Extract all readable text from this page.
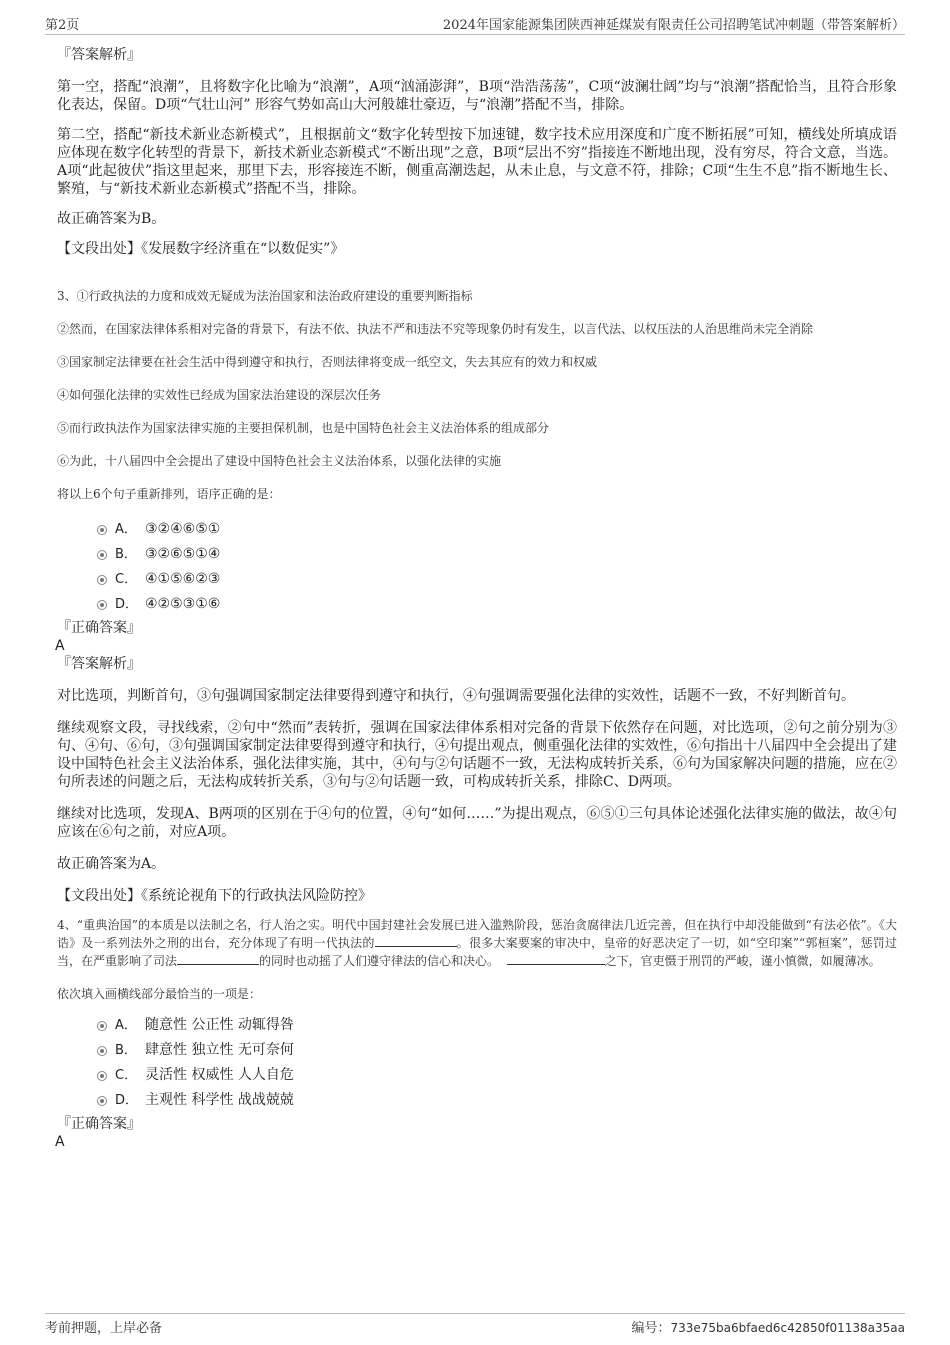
第2页	2024年国家能源集团陕西神延煤炭有限责任公司招聘笔试冲刺题（带答案解析）

『答案解析』

第一空，搭配“浪潮”，且将数字化比喻为“浪潮”，A项“汹涌澎湃”，B项“浩浩荡荡”，C项“波澜壮阔”均与“浪潮”搭配恰当，且符合形象化表达，保留。D项“气壮山河” 形容气势如高山大河般雄壮豪迈，与“浪潮”搭配不当，排除。

第二空，搭配“新技术新业态新模式”，且根据前文“数字化转型按下加速键，数字技术应用深度和广度不断拓展”可知，横线处所填成语应体现在数字化转型的背景下，新技术新业态新模式“不断出现”之意，B项“层出不穷”指接连不断地出现，没有穷尽，符合文意，当选。A项“此起彼伏”指这里起来，那里下去，形容接连不断，侧重高潮迭起，从未止息，与文意不符，排除；C项“生生不息”指不断地生长、繁殖，与“新技术新业态新模式”搭配不当，排除。

故正确答案为B。

【文段出处】《发展数字经济重在“以数促实”》

3、①行政执法的力度和成效无疑成为法治国家和法治政府建设的重要判断指标

②然而，在国家法律体系相对完备的背景下，有法不依、执法不严和违法不究等现象仍时有发生，以言代法、以权压法的人治思维尚未完全消除

③国家制定法律要在社会生活中得到遵守和执行，否则法律将变成一纸空文，失去其应有的效力和权威

④如何强化法律的实效性已经成为国家法治建设的深层次任务

⑤而行政执法作为国家法律实施的主要担保机制，也是中国特色社会主义法治体系的组成部分

⑥为此，十八届四中全会提出了建设中国特色社会主义法治体系，以强化法律的实施

将以上6个句子重新排列，语序正确的是：

A． ③②④⑥⑤①
B． ③②⑥⑤①④
C． ④①⑤⑥②③
D． ④②⑤③①⑥

『正确答案』

A

『答案解析』

对比选项，判断首句，③句强调国家制定法律要得到遵守和执行，④句强调需要强化法律的实效性，话题不一致，不好判断首句。

继续观察文段，寻找线索，②句中“然而”表转折，强调在国家法律体系相对完备的背景下依然存在问题，对比选项，②句之前分别为③句、④句、⑥句，③句强调国家制定法律要得到遵守和执行，④句提出观点，侧重强化法律的实效性，⑥句指出十八届四中全会提出了建设中国特色社会主义法治体系，强化法律实施，其中，④句与②句话题不一致，无法构成转折关系，⑥句为国家解决问题的措施，应在②句所表述的问题之后，无法构成转折关系，③句与②句话题一致，可构成转折关系，排除C、D两项。

继续对比选项，发现A、B两项的区别在于④句的位置，④句“如何……”为提出观点，⑥⑤①三句具体论述强化法律实施的做法，故④句应该在⑥句之前，对应A项。

故正确答案为A。

【文段出处】《系统论视角下的行政执法风险防控》

4、“重典治国”的本质是以法制之名，行人治之实。明代中国封建社会发展已进入滥熟阶段，惩治贪腐律法几近完善，但在执行中却没能做到“有法必依”。《大诰》及一系列法外之刑的出台，充分体现了有明一代执法的	。很多大案要案的审决中，皇帝的好恶决定了一切，如“空印案”“郭桓案”，惩罚过当，在严重影响了司法	的同时也动摇了人们遵守律法的信心和决心。	之下，官吏慑于刑罚的严峻，谨小慎微，如履薄冰。

依次填入画横线部分最恰当的一项是：

A． 随意性 公正性 动辄得咎
B． 肆意性 独立性 无可奈何
C． 灵活性 权威性 人人自危
D． 主观性 科学性 战战兢兢

『正确答案』

A

考前押题，上岸必备	编号：733e75ba6bfaed6c42850f01138a35aa
